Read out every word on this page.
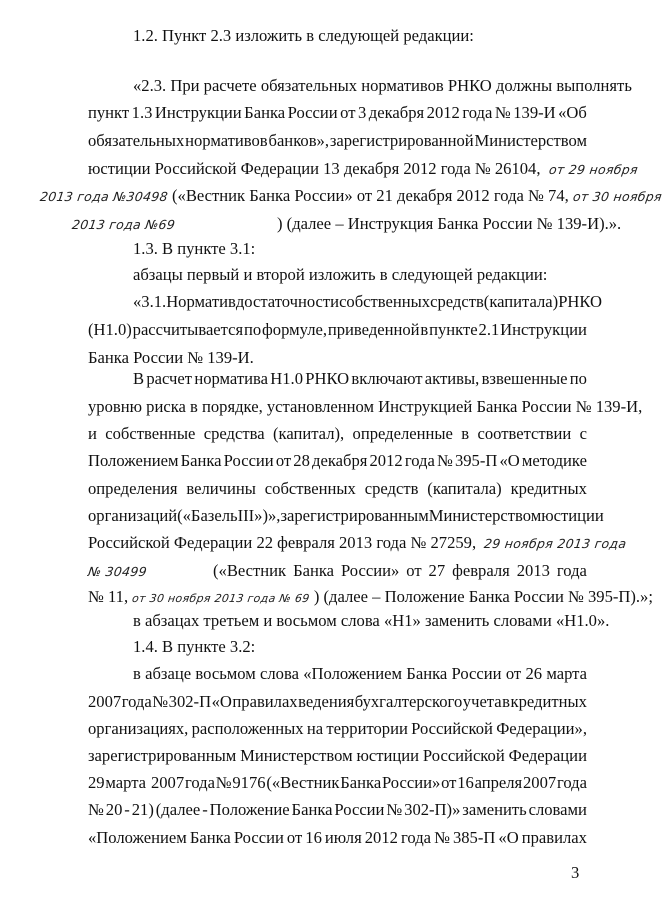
1.2. Пункт 2.3 изложить в следующей редакции:
«2.3. При расчете обязательных нормативов РНКО должны выполнять
пункт 1.3 Инструкции Банка России от 3 декабря 2012 года № 139-И «Об
обязательных нормативов банков», зарегистрированной Министерством
юстиции Российской Федерации 13 декабря 2012 года № 26104, от 29 ноября
2013 года №30498 («Вестник Банка России» от 21 декабря 2012 года № 74, от 30 ноября
2013 года №69	) (далее – Инструкция Банка России № 139-И).».
1.3. В пункте 3.1:
абзацы первый и второй изложить в следующей редакции:
«3.1. Норматив достаточности собственных средств (капитала) РНКО
(Н1.0) рассчитывается по формуле, приведенной в пункте 2.1 Инструкции
Банка России № 139-И.
В расчет норматива Н1.0 РНКО включают активы, взвешенные по
уровню риска в порядке, установленном Инструкцией Банка России № 139-И,
и собственные средства (капитал), определенные в соответствии с
Положением Банка России от 28 декабря 2012 года № 395-П «О методике
определения величины собственных средств (капитала) кредитных
организаций («Базель III»)», зарегистрированным Министерством юстиции
Российской Федерации 22 февраля 2013 года № 27259, 29 ноября 2013 года
№ 30499	(«Вестник Банка России» от 27 февраля 2013 года
№ 11, от 30 ноября 2013 года № 69 ) (далее – Положение Банка России № 395-П).»;
в абзацах третьем и восьмом слова «Н1» заменить словами «Н1.0».
1.4. В пункте 3.2:
в абзаце восьмом слова «Положением Банка России от 26 марта
2007 года № 302-П «О правилах ведения бухгалтерского учета в кредитных
организациях, расположенных на территории Российской Федерации»,
зарегистрированным Министерством юстиции Российской Федерации
29 марта 2007 года № 9176 («Вестник Банка России» от 16 апреля 2007 года
№ 20 - 21) (далее - Положение Банка России № 302-П)» заменить словами
«Положением Банка России от 16 июля 2012 года № 385-П «О правилах
3
